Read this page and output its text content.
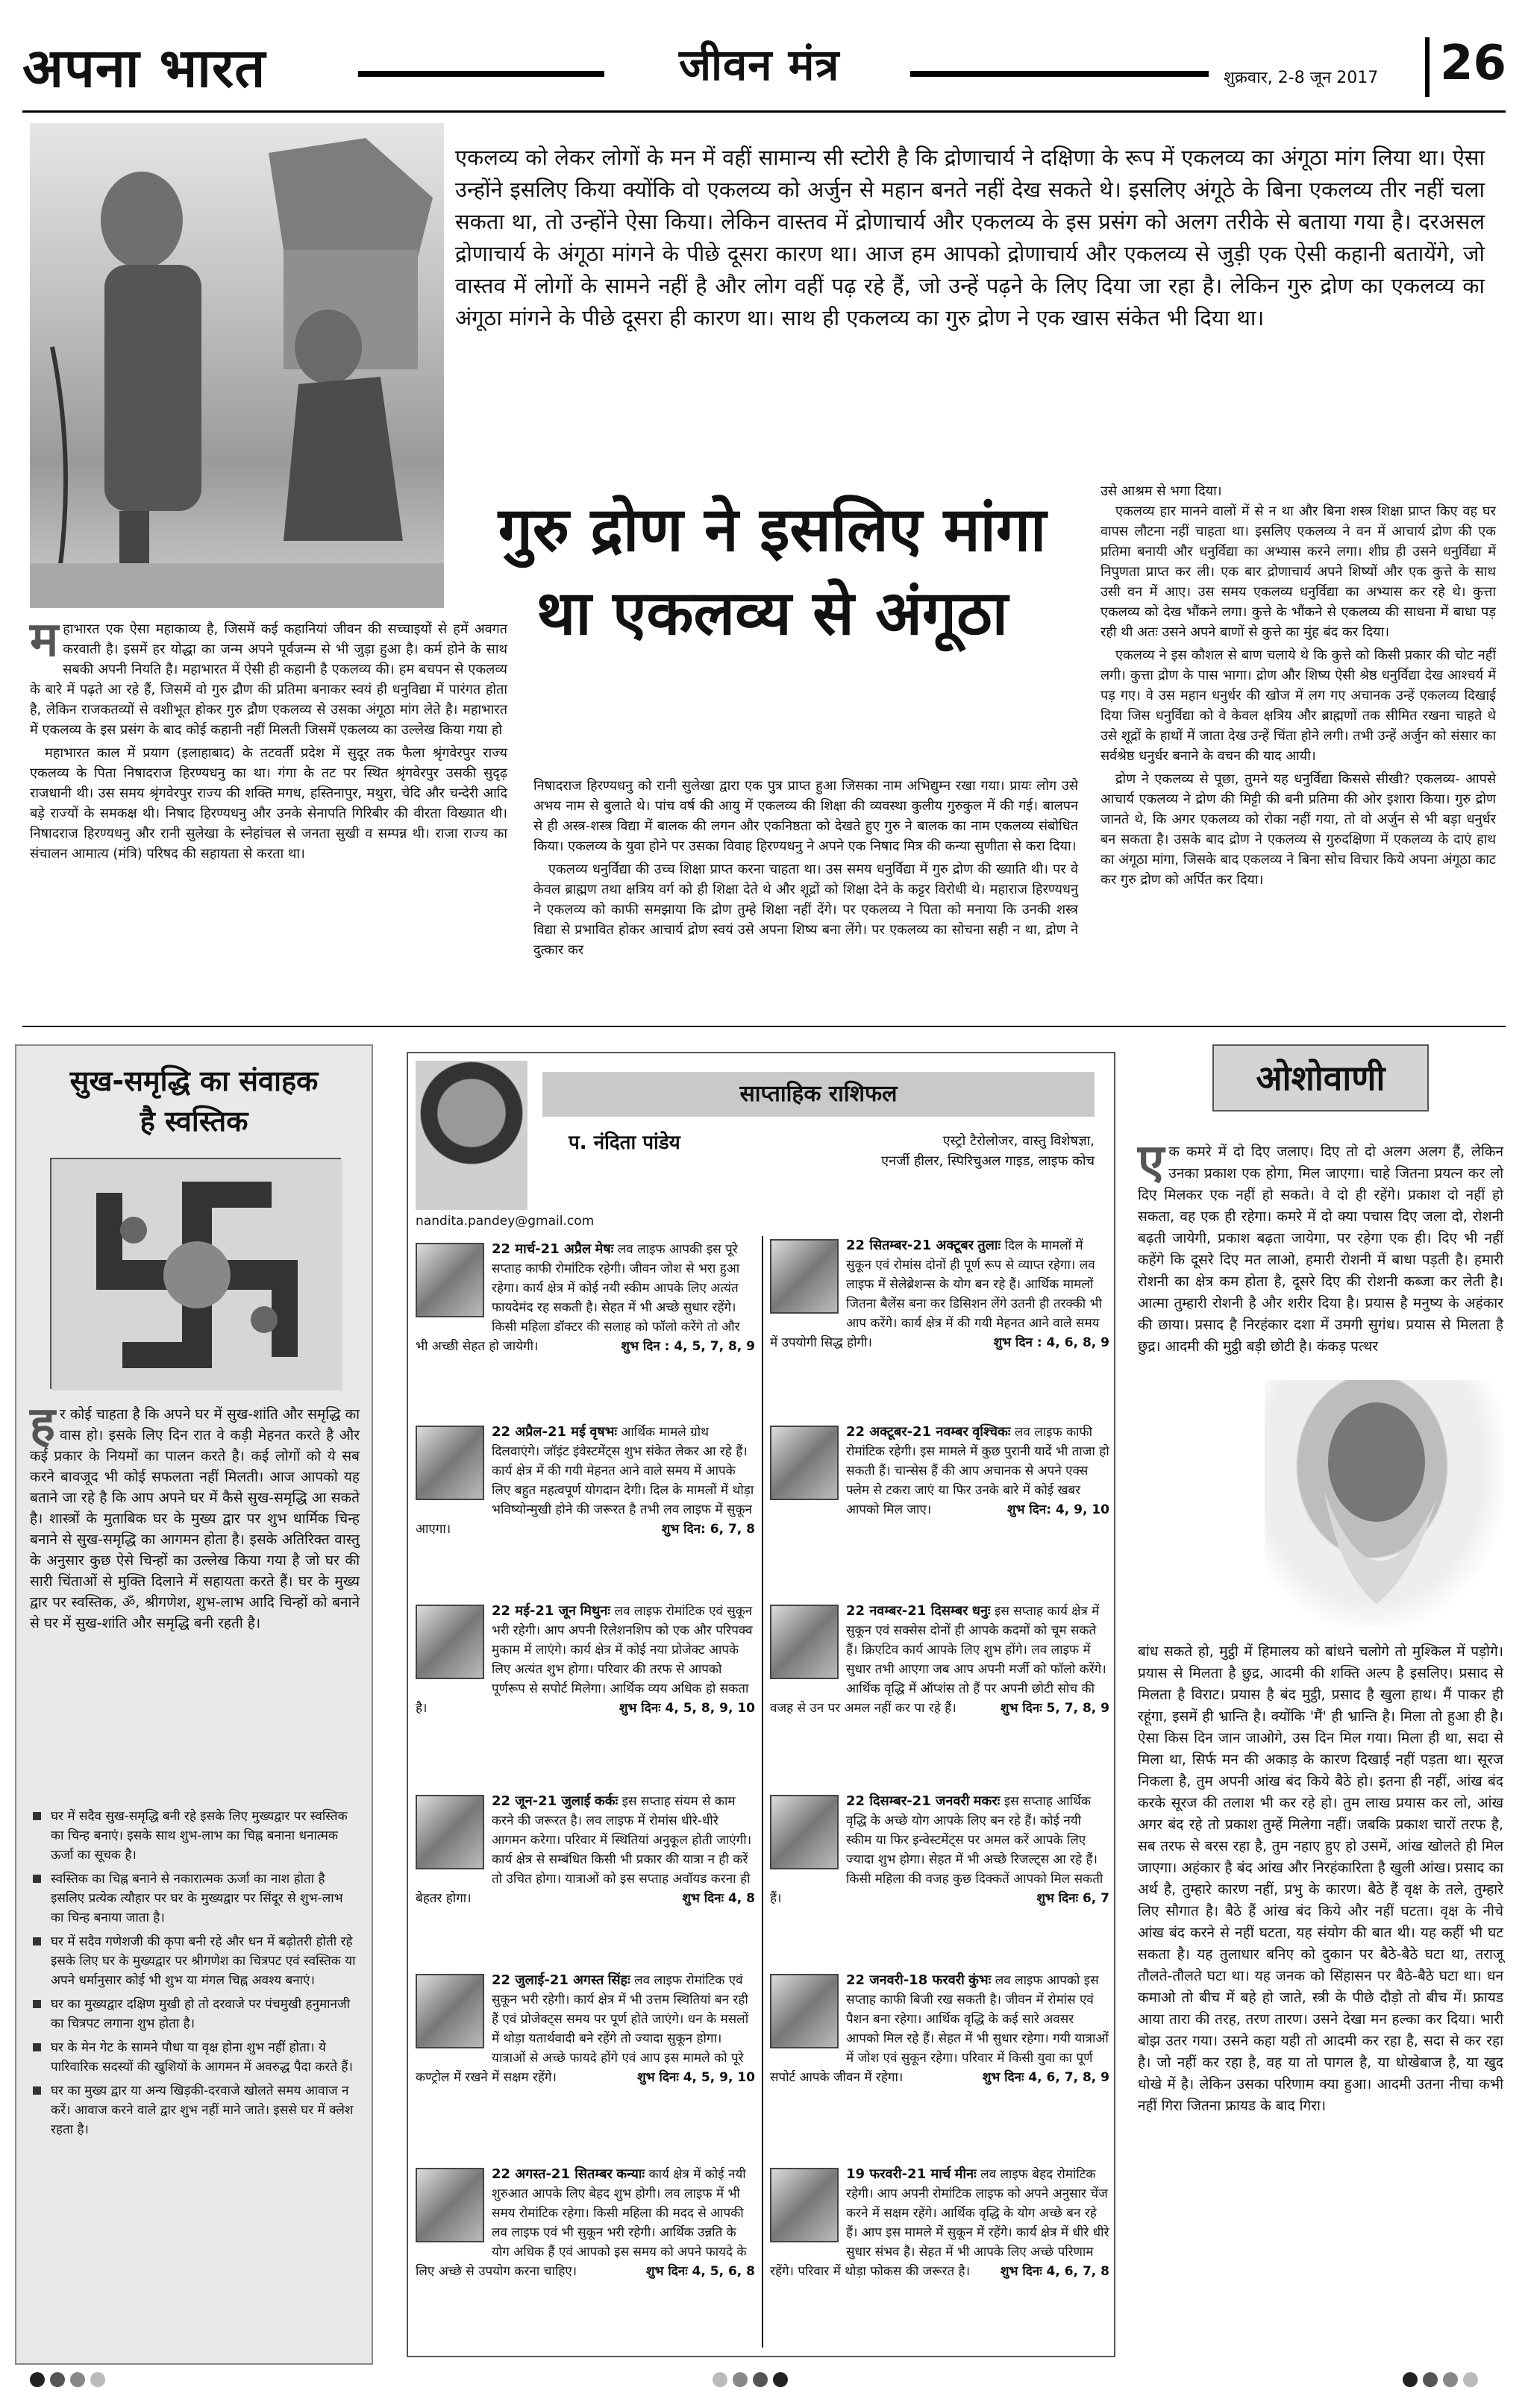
अपना भारत	जीवन मंत्र	शुक्रवार, 2-8 जून 2017 26
एकलव्य को लेकर लोगों के मन में वहीं सामान्य सी स्टोरी है कि द्रोणाचार्य ने दक्षिणा के रूप में एकलव्य का अंगूठा मांग लिया था। ऐसा उन्होंने इसलिए किया क्योंकि वो एकलव्य को अर्जुन से महान बनते नहीं देख सकते थे। इसलिए अंगूठे के बिना एकलव्य तीर नहीं चला सकता था, तो उन्होंने ऐसा किया। लेकिन वास्तव में द्रोणाचार्य और एकलव्य के इस प्रसंग को अलग तरीके से बताया गया है। दरअसल द्रोणाचार्य के अंगूठा मांगने के पीछे दूसरा कारण था। आज हम आपको द्रोणाचार्य और एकलव्य से जुड़ी एक ऐसी कहानी बतायेंगे, जो वास्तव में लोगों के सामने नहीं है और लोग वहीं पढ़ रहे हैं, जो उन्हें पढ़ने के लिए दिया जा रहा है। लेकिन गुरु द्रोण का एकलव्य का अंगूठा मांगने के पीछे दूसरा ही कारण था। साथ ही एकलव्य का गुरु द्रोण ने एक खास संकेत भी दिया था।
गुरु द्रोण ने इसलिए मांगा
था एकलव्य से अंगूठा
म हाभारत एक ऐसा महाकाव्य है, जिसमें कई कहानियां जीवन की सच्चाइयों से हमें अवगत करवाती है। इसमें हर योद्धा का जन्म अपने पूर्वजन्म से भी जुड़ा हुआ है। कर्म होने के साथ सबकी अपनी नियति है। महाभारत में ऐसी ही कहानी है एकलव्य की। हम बचपन से एकलव्य के बारे में पढ़ते आ रहे हैं, जिसमें वो गुरु द्रौण की प्रतिमा बनाकर स्वयं ही धनुविद्या में पारंगत होता है, लेकिन राजकतव्यों से वशीभूत होकर गुरु द्रौण एकलव्य से उसका अंगूठा मांग लेते है। महाभारत में एकलव्य के इस प्रसंग के बाद कोई कहानी नहीं मिलती जिसमें एकलव्य का उल्लेख किया गया हो

महाभारत काल में प्रयाग (इलाहाबाद) के तटवर्ती प्रदेश में सुदूर तक फैला श्रृंगवेरपुर राज्य एकलव्य के पिता निषादराज हिरण्यधनु का था। गंगा के तट पर स्थित श्रृंगवेरपुर उसकी सुदृढ़ राजधानी थी। उस समय श्रृंगवेरपुर राज्य की शक्ति मगध, हस्तिनापुर, मथुरा, चेदि और चन्देरी आदि बड़े राज्यों के समकक्ष थी। निषाद हिरण्यधनु और उनके सेनापति गिरिबीर की वीरता विख्यात थी। निषादराज हिरण्यधनु और रानी सुलेखा के स्नेहांचल से जनता सुखी व सम्पन्न थी। राजा राज्य का संचालन आमात्य (मंत्रि) परिषद की सहायता से करता था।

निषादराज हिरण्यधनु को रानी सुलेखा द्वारा एक पुत्र प्राप्त हुआ जिसका नाम अभिद्युम्न रखा गया। प्रायः लोग उसे अभय नाम से बुलाते थे। पांच वर्ष की आयु में एकलव्य की शिक्षा की व्यवस्था कुलीय गुरुकुल में की गई। बालपन से ही अस्त्र-शस्त्र विद्या में बालक की लगन और एकनिष्ठता को देखते हुए गुरु ने बालक का नाम एकलव्य संबोधित किया। एकलव्य के युवा होने पर उसका विवाह हिरण्यधनु ने अपने एक निषाद मित्र की कन्या सुणीता से करा दिया।

एकलव्य धनुर्विद्या की उच्च शिक्षा प्राप्त करना चाहता था। उस समय धनुर्विद्या में गुरु द्रोण की ख्याति थी। पर वे केवल ब्राह्मण तथा क्षत्रिय वर्ग को ही शिक्षा देते थे और शूद्रों को शिक्षा देने के कट्टर विरोधी थे। महाराज हिरण्यधनु ने एकलव्य को काफी समझाया कि द्रोण तुम्हे शिक्षा नहीं देंगे। पर एकलव्य ने पिता को मनाया कि उनकी शस्त्र विद्या से प्रभावित होकर आचार्य द्रोण स्वयं उसे अपना शिष्य बना लेंगे। पर एकलव्य का सोचना सही न था, द्रोण ने दुत्कार कर

उसे आश्रम से भगा दिया।

एकलव्य हार मानने वालों में से न था और बिना शस्त्र शिक्षा प्राप्त किए वह घर वापस लौटना नहीं चाहता था। इसलिए एकलव्य ने वन में आचार्य द्रोण की एक प्रतिमा बनायी और धनुर्विद्या का अभ्यास करने लगा। शीघ्र ही उसने धनुर्विद्या में निपुणता प्राप्त कर ली। एक बार द्रोणाचार्य अपने शिष्यों और एक कुत्ते के साथ उसी वन में आए। उस समय एकलव्य धनुर्विद्या का अभ्यास कर रहे थे। कुत्ता एकलव्य को देख भौंकने लगा। कुत्ते के भौंकने से एकलव्य की साधना में बाधा पड़ रही थी अतः उसने अपने बाणों से कुत्ते का मुंह बंद कर दिया।

एकलव्य ने इस कौशल से बाण चलाये थे कि कुत्ते को किसी प्रकार की चोट नहीं लगी। कुत्ता द्रोण के पास भागा। द्रोण और शिष्य ऐसी श्रेष्ठ धनुर्विद्या देख आश्चर्य में पड़ गए। वे उस महान धनुर्धर की खोज में लग गए अचानक उन्हें एकलव्य दिखाई दिया जिस धनुर्विद्या को वे केवल क्षत्रिय और ब्राह्मणों तक सीमित रखना चाहते थे उसे शूद्रों के हाथों में जाता देख उन्हें चिंता होने लगी। तभी उन्हें अर्जुन को संसार का सर्वश्रेष्ठ धनुर्धर बनाने के वचन की याद आयी।

द्रोण ने एकलव्य से पूछा, तुमने यह धनुर्विद्या किससे सीखी? एकलव्य- आपसे आचार्य एकलव्य ने द्रोण की मिट्टी की बनी प्रतिमा की ओर इशारा किया। गुरु द्रोण जानते थे, कि अगर एकलव्य को रोका नहीं गया, तो वो अर्जुन से भी बड़ा धनुर्धर बन सकता है। उसके बाद द्रोण ने एकलव्य से गुरुदक्षिणा में एकलव्य के दाएं हाथ का अंगूठा मांगा, जिसके बाद एकलव्य ने बिना सोच विचार किये अपना अंगूठा काट कर गुरु द्रोण को अर्पित कर दिया।

सुख-समृद्धि का संवाहक
है स्वस्तिक
ह र कोई चाहता है कि अपने घर में सुख-शांति और समृद्धि का वास हो। इसके लिए दिन रात वे कड़ी मेहनत करते है और कई प्रकार के नियमों का पालन करते है। कई लोगों को ये सब करने बावजूद भी कोई सफलता नहीं मिलती। आज आपको यह बताने जा रहे है कि आप अपने घर में कैसे सुख-समृद्धि आ सकते है। शास्त्रों के मुताबिक घर के मुख्य द्वार पर शुभ धार्मिक चिन्ह बनाने से सुख-समृद्धि का आगमन होता है। इसके अतिरिक्त वास्तु के अनुसार कुछ ऐसे चिन्हों का उल्लेख किया गया है जो घर की सारी चिंताओं से मुक्ति दिलाने में सहायता करते हैं। घर के मुख्य द्वार पर स्वस्तिक, ॐ, श्रीगणेश, शुभ-लाभ आदि चिन्हों को बनाने से घर में सुख-शांति और समृद्धि बनी रहती है।
घर में सदैव सुख-समृद्धि बनी रहे इसके लिए मुख्यद्वार पर स्वस्तिक का चिन्ह बनाएं। इसके साथ शुभ-लाभ का चिह्न बनाना धनात्मक ऊर्जा का सूचक है।
स्वस्तिक का चिह्न बनाने से नकारात्मक ऊर्जा का नाश होता है इसलिए प्रत्येक त्यौहार पर घर के मुख्यद्वार पर सिंदूर से शुभ-लाभ का चिन्ह बनाया जाता है।
घर में सदैव गणेशजी की कृपा बनी रहे और धन में बढ़ोतरी होती रहे इसके लिए घर के मुख्यद्वार पर श्रीगणेश का चित्रपट एवं स्वस्तिक या अपने धर्मानुसार कोई भी शुभ या मंगल चिह्न अवश्य बनाएं।
घर का मुख्यद्वार दक्षिण मुखी हो तो दरवाजे पर पंचमुखी हनुमानजी का चित्रपट लगाना शुभ होता है।
घर के मेन गेट के सामने पौधा या वृक्ष होना शुभ नहीं होता। ये पारिवारिक सदस्यों की खुशियों के आगमन में अवरुद्ध पैदा करते हैं।
घर का मुख्य द्वार या अन्य खिड़की-दरवाजे खोलते समय आवाज न करें। आवाज करने वाले द्वार शुभ नहीं माने जाते। इससे घर में क्लेश रहता है।
साप्ताहिक राशिफल
प. नंदिता पांडेय	एस्ट्रो टैरोलोजर, वास्तु विशेषज्ञा,
एनर्जी हीलर, स्पिरिचुअल गाइड, लाइफ कोच
nandita.pandey@gmail.com
22 मार्च-21 अप्रैल मेषः लव लाइफ आपकी इस पूरे सप्ताह काफी रोमांटिक रहेगी। जीवन जोश से भरा हुआ रहेगा। कार्य क्षेत्र में कोई नयी स्कीम आपके लिए अत्यंत फायदेमंद रह सकती है। सेहत में भी अच्छे सुधार रहेंगे। किसी महिला डॉक्टर की सलाह को फॉलो करेंगे तो और भी अच्छी सेहत हो जायेगी।	शुभ दिन : 4, 5, 7, 8, 9
22 अप्रैल-21 मई वृषभः आर्थिक मामले ग्रोथ दिलवाएंगे। जॉइंट इंवेस्टमेंट्स शुभ संकेत लेकर आ रहे हैं। कार्य क्षेत्र में की गयी मेहनत आने वाले समय में आपके लिए बहुत महत्वपूर्ण योगदान देगी। दिल के मामलों में थोड़ा भविष्योन्मुखी होने की जरूरत है तभी लव लाइफ में सुकून आएगा।	शुभ दिन: 6, 7, 8
22 मई-21 जून मिथुनः लव लाइफ रोमांटिक एवं सुकून भरी रहेगी। आप अपनी रिलेशनशिप को एक और परिपक्व मुकाम में लाएंगे। कार्य क्षेत्र में कोई नया प्रोजेक्ट आपके लिए अत्यंत शुभ होगा। परिवार की तरफ से आपको पूर्णरूप से सपोर्ट मिलेगा। आर्थिक व्यय अधिक हो सकता है।	शुभ दिनः 4, 5, 8, 9, 10
22 जून-21 जुलाई कर्कः इस सप्ताह संयम से काम करने की जरूरत है। लव लाइफ में रोमांस धीरे-धीरे आगमन करेगा। परिवार में स्थितियां अनुकूल होती जाएंगी। कार्य क्षेत्र से सम्बंधित किसी भी प्रकार की यात्रा न ही करें तो उचित होगा। यात्राओं को इस सप्ताह अवॉयड करना ही बेहतर होगा।	शुभ दिनः 4, 8
22 जुलाई-21 अगस्त सिंहः लव लाइफ रोमांटिक एवं सुकून भरी रहेगी। कार्य क्षेत्र में भी उत्तम स्थितियां बन रही हैं एवं प्रोजेक्ट्स समय पर पूर्ण होते जाएंगे। धन के मसलों में थोड़ा यतार्थवादी बने रहेंगे तो ज्यादा सुकून होगा। यात्राओं से अच्छे फायदे होंगे एवं आप इस मामले को पूरे कण्ट्रोल में रखने में सक्षम रहेंगे।	शुभ दिनः 4, 5, 9, 10
22 अगस्त-21 सितम्बर कन्याः कार्य क्षेत्र में कोई नयी शुरुआत आपके लिए बेहद शुभ होगी। लव लाइफ में भी समय रोमांटिक रहेगा। किसी महिला की मदद से आपकी लव लाइफ एवं भी सुकून भरी रहेगी। आर्थिक उन्नति के योग अधिक हैं एवं आपको इस समय को अपने फायदे के लिए अच्छे से उपयोग करना चाहिए।	शुभ दिनः 4, 5, 6, 8
22 सितम्बर-21 अक्टूबर तुलाः दिल के मामलों में सुकून एवं रोमांस दोनों ही पूर्ण रूप से व्याप्त रहेगा। लव लाइफ में सेलेब्रेशन्स के योग बन रहे हैं। आर्थिक मामलों जितना बैलेंस बना कर डिसिशन लेंगे उतनी ही तरक्की भी आप करेंगे। कार्य क्षेत्र में की गयी मेहनत आने वाले समय में उपयोगी सिद्ध होगी।	शुभ दिन : 4, 6, 8, 9
22 अक्टूबर-21 नवम्बर वृश्चिकः लव लाइफ काफी रोमांटिक रहेगी। इस मामले में कुछ पुरानी यादें भी ताजा हो सकती हैं। चान्सेस हैं की आप अचानक से अपने एक्स फ्लेम से टकरा जाएं या फिर उनके बारे में कोई खबर आपको मिल जाए।	शुभ दिन: 4, 9, 10
22 नवम्बर-21 दिसम्बर धनुः इस सप्ताह कार्य क्षेत्र में सुकून एवं सक्सेस दोनों ही आपके कदमों को चूम सकते हैं। क्रिएटिव कार्य आपके लिए शुभ होंगे। लव लाइफ में सुधार तभी आएगा जब आप अपनी मर्जी को फॉलो करेंगे। आर्थिक वृद्धि में ऑप्शंस तो हैं पर अपनी छोटी सोच की वजह से उन पर अमल नहीं कर पा रहे हैं।	शुभ दिनः 5, 7, 8, 9
22 दिसम्बर-21 जनवरी मकरः इस सप्ताह आर्थिक वृद्धि के अच्छे योग आपके लिए बन रहे हैं। कोई नयी स्कीम या फिर इन्वेस्टमेंट्स पर अमल करें आपके लिए ज्यादा शुभ होगा। सेहत में भी अच्छे रिजल्ट्स आ रहे हैं। किसी महिला की वजह कुछ दिक्कतें आपको मिल सकती हैं।	शुभ दिनः 6, 7
22 जनवरी-18 फरवरी कुंभः लव लाइफ आपको इस सप्ताह काफी बिजी रख सकती है। जीवन में रोमांस एवं पैशन बना रहेगा। आर्थिक वृद्धि के कई सारे अवसर आपको मिल रहे हैं। सेहत में भी सुधार रहेगा। गयी यात्राओं में जोश एवं सुकून रहेगा। परिवार में किसी युवा का पूर्ण सपोर्ट आपके जीवन में रहेगा।	शुभ दिनः 4, 6, 7, 8, 9
19 फरवरी-21 मार्च मीनः लव लाइफ बेहद रोमांटिक रहेगी। आप अपनी रोमांटिक लाइफ को अपने अनुसार चेंज करने में सक्षम रहेंगे। आर्थिक वृद्धि के योग अच्छे बन रहे हैं। आप इस मामले में सुकून में रहेंगे। कार्य क्षेत्र में धीरे धीरे सुधार संभव है। सेहत में भी आपके लिए अच्छे परिणाम रहेंगे। परिवार में थोड़ा फोकस की जरूरत है। शुभ दिनः 4, 6, 7, 8
ओशोवाणी
ए क कमरे में दो दिए जलाए। दिए तो दो अलग अलग हैं, लेकिन उनका प्रकाश एक होगा, मिल जाएगा। चाहे जितना प्रयत्न कर लो दिए मिलकर एक नहीं हो सकते। वे दो ही रहेंगे। प्रकाश दो नहीं हो सकता, वह एक ही रहेगा। कमरे में दो क्या पचास दिए जला दो, रोशनी बढ़ती जायेगी, प्रकाश बढ़ता जायेगा, पर रहेगा एक ही। दिए भी नहीं कहेंगे कि दूसरे दिए मत लाओ, हमारी रोशनी में बाधा पड़ती है। हमारी रोशनी का क्षेत्र कम होता है, दूसरे दिए की रोशनी कब्जा कर लेती है। आत्मा तुम्हारी रोशनी है और शरीर दिया है। प्रयास है मनुष्य के अहंकार की छाया। प्रसाद है निरहंकार दशा में उमगी सुगंध। प्रयास से मिलता है छुद्र। आदमी की मुट्ठी बड़ी छोटी है। कंकड़ पत्थर
बांध सकते हो, मुट्ठी में हिमालय को बांधने चलोगे तो मुश्किल में पड़ोगे। प्रयास से मिलता है छुद्र, आदमी की शक्ति अल्प है इसलिए। प्रसाद से मिलता है विराट। प्रयास है बंद मुट्ठी, प्रसाद है खुला हाथ। मैं पाकर ही रहूंगा, इसमें ही भ्रान्ति है। क्योंकि 'मैं' ही भ्रान्ति है। मिला तो हुआ ही है। ऐसा किस दिन जान जाओगे, उस दिन मिल गया। मिला ही था, सदा से मिला था, सिर्फ मन की अकाड़ के कारण दिखाई नहीं पड़ता था। सूरज निकला है, तुम अपनी आंख बंद किये बैठे हो। इतना ही नहीं, आंख बंद करके सूरज की तलाश भी कर रहे हो। तुम लाख प्रयास कर लो, आंख अगर बंद रहे तो प्रकाश तुम्हें मिलेगा नहीं। जबकि प्रकाश चारों तरफ है, सब तरफ से बरस रहा है, तुम नहाए हुए हो उसमें, आंख खोलते ही मिल जाएगा। अहंकार है बंद आंख और निरहंकारिता है खुली आंख। प्रसाद का अर्थ है, तुम्हारे कारण नहीं, प्रभु के कारण। बैठे हैं वृक्ष के तले, तुम्हारे लिए सौगात है। बैठे हैं आंख बंद किये और नहीं घटता। वृक्ष के नीचे आंख बंद करने से नहीं घटता, यह संयोग की बात थी। यह कहीं भी घट सकता है। यह तुलाधार बनिए को दुकान पर बैठे-बैठे घटा था, तराजू तौलते-तौलते घटा था। यह जनक को सिंहासन पर बैठे-बैठे घटा था। धन कमाओ तो बीच में बहे हो जाते, स्त्री के पीछे दौड़ो तो बीच में। फ्रायड आया तारा की तरह, तरण तारण। उसने देखा मन हल्का कर दिया। भारी बोझ उतर गया। उसने कहा यही तो आदमी कर रहा है, सदा से कर रहा है। जो नहीं कर रहा है, वह या तो पागल है, या धोखेबाज है, या खुद धोखे में है। लेकिन उसका परिणाम क्या हुआ। आदमी उतना नीचा कभी नहीं गिरा जितना फ्रायड के बाद गिरा।
